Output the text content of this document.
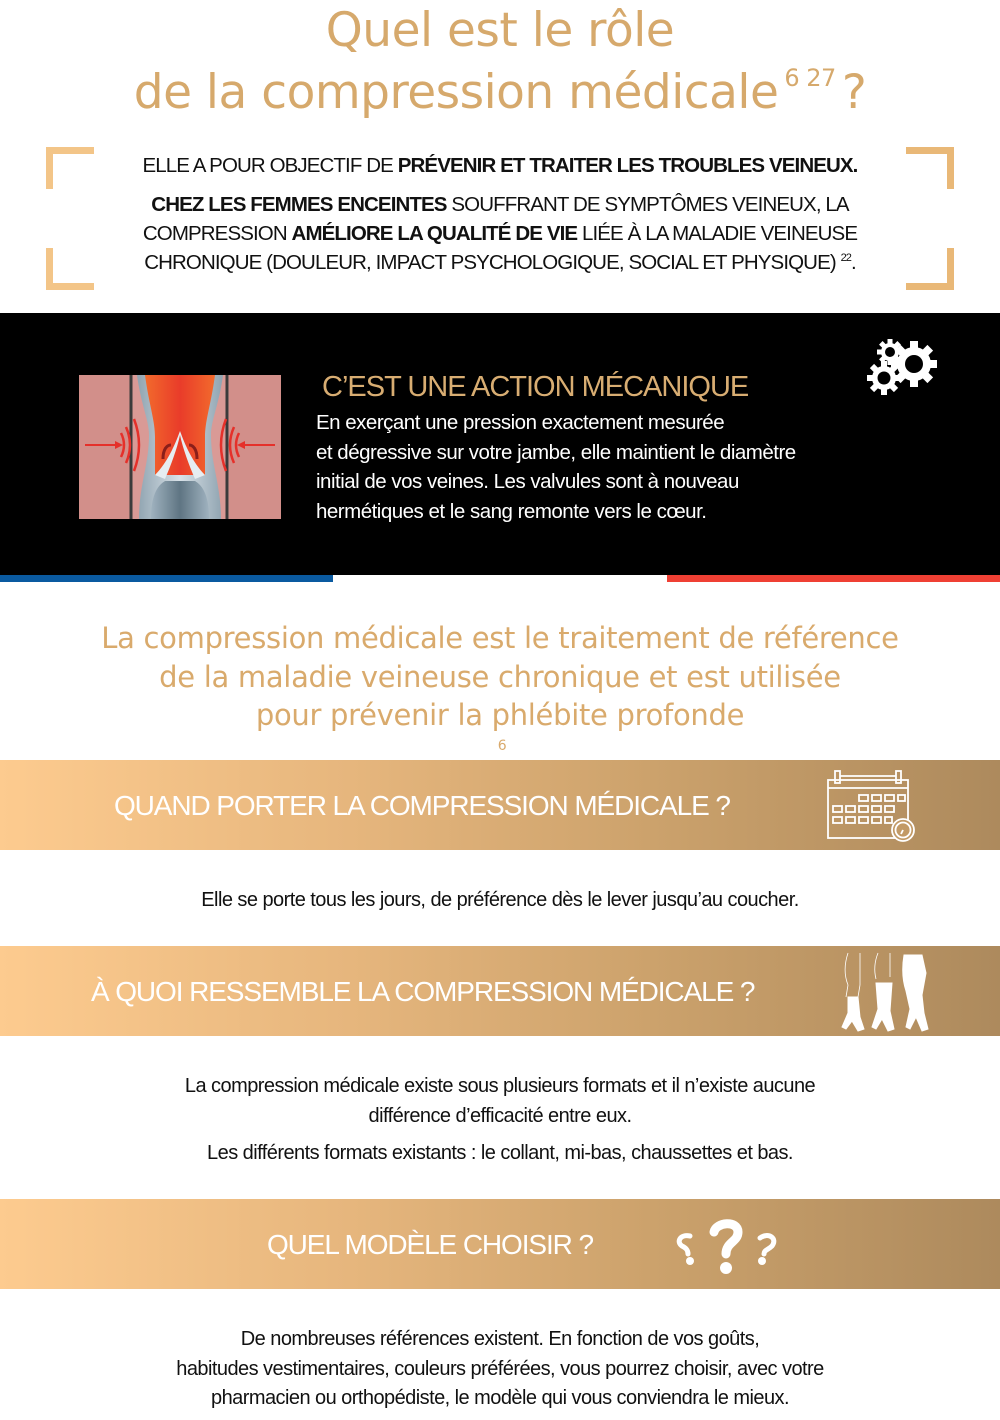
Quel est le rôle
de la compression médicale $^{6 27}$ ?

ELLE A POUR OBJECTIF DE PRÉVENIR ET TRAITER LES TROUBLES VEINEUX.

CHEZ LES FEMMES ENCEINTES SOUFFRANT DE SYMPTÔMES VEINEUX, LA COMPRESSION AMÉLIORE LA QUALITÉ DE VIE LIÉE À LA MALADIE VEINEUSE CHRONIQUE (DOULEUR, IMPACT PSYCHOLOGIQUE, SOCIAL ET PHYSIQUE) $^{22}$.

C’EST UNE ACTION MÉCANIQUE
En exerçant une pression exactement mesurée
et dégressive sur votre jambe, elle maintient le diamètre
initial de vos veines. Les valvules sont à nouveau
hermétiques et le sang remonte vers le cœur.
La compression médicale est le traitement de référence
de la maladie veineuse chronique et est utilisée
pour prévenir la phlébite profonde
$^6$
QUAND PORTER LA COMPRESSION MÉDICALE ?

Elle se porte tous les jours, de préférence dès le lever jusqu’au coucher.

À QUOI RESSEMBLE LA COMPRESSION MÉDICALE ?

La compression médicale existe sous plusieurs formats et il n’existe aucune

différence d’efficacité entre eux.

Les différents formats existants : le collant, mi-bas, chaussettes et bas.

QUEL MODÈLE CHOISIR ?

De nombreuses références existent. En fonction de vos goûts,

habitudes vestimentaires, couleurs préférées, vous pourrez choisir, avec votre

pharmacien ou orthopédiste, le modèle qui vous conviendra le mieux.
